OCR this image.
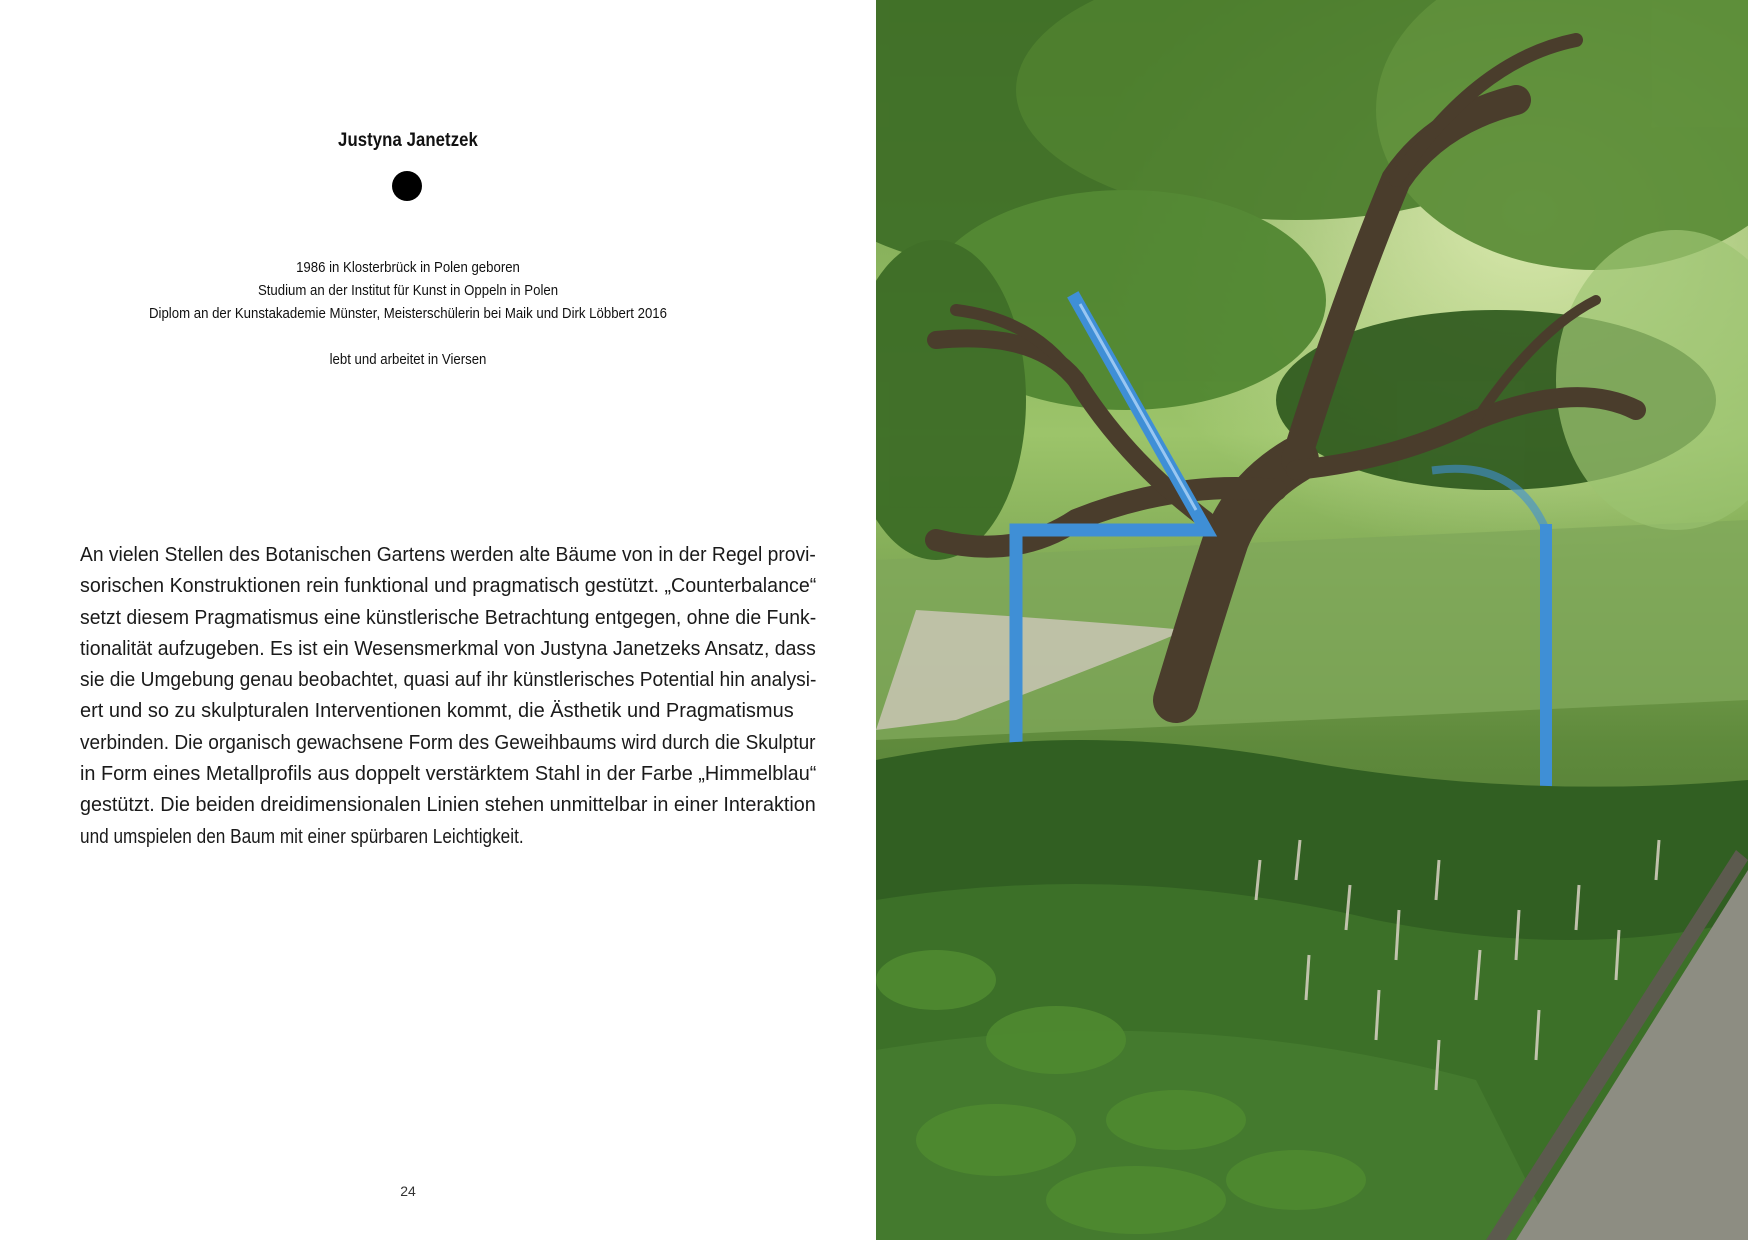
Justyna Janetzek
1986 in Klosterbrück in Polen geboren
Studium an der Institut für Kunst in Oppeln in Polen
Diplom an der Kunstakademie Münster, Meisterschülerin bei Maik und Dirk Löbbert 2016
lebt und arbeitet in Viersen
An vielen Stellen des Botanischen Gartens werden alte Bäume von in der Regel provi-
sorischen Konstruktionen rein funktional und pragmatisch gestützt. „Counterbalance“
setzt diesem Pragmatismus eine künstlerische Betrachtung entgegen, ohne die Funk-
tionalität aufzugeben. Es ist ein Wesensmerkmal von Justyna Janetzeks Ansatz, dass
sie die Umgebung genau beobachtet, quasi auf ihr künstlerisches Potential hin analysi-
ert und so zu skulpturalen Interventionen kommt, die Ästhetik und Pragmatismus
verbinden. Die organisch gewachsene Form des Geweihbaums wird durch die Skulptur
in Form eines Metallprofils aus doppelt verstärktem Stahl in der Farbe „Himmelblau“
gestützt. Die beiden dreidimensionalen Linien stehen unmittelbar in einer Interaktion
und umspielen den Baum mit einer spürbaren Leichtigkeit.
24
